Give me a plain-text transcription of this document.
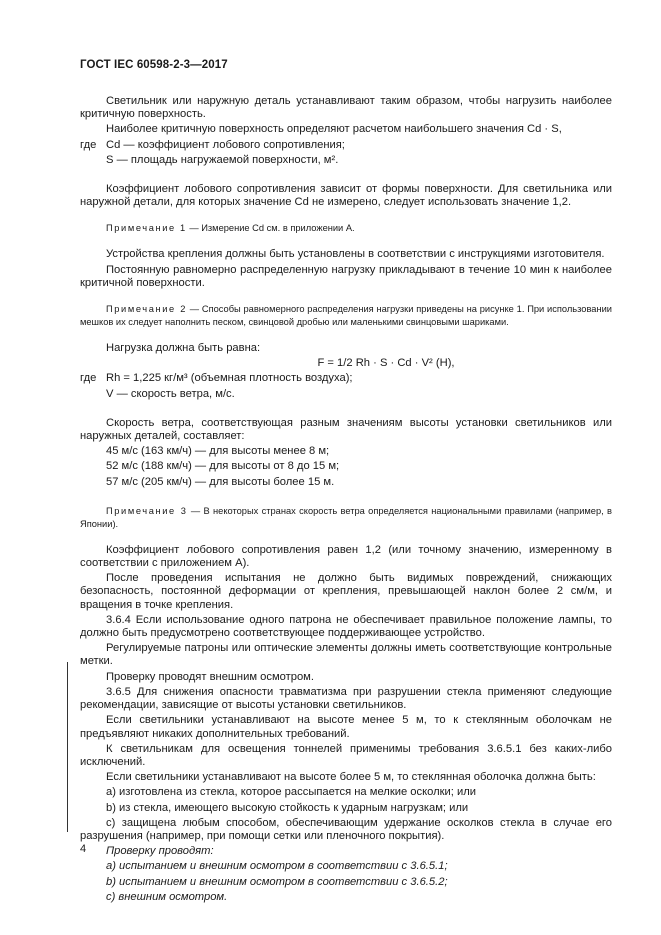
ГОСТ IEC 60598-2-3—2017

Светильник или наружную деталь устанавливают таким образом, чтобы нагрузить наиболее критичную поверхность.

Наиболее критичную поверхность определяют расчетом наибольшего значения Cd · S,

где Cd — коэффициент лобового сопротивления;

S — площадь нагружаемой поверхности, м².

Коэффициент лобового сопротивления зависит от формы поверхности. Для светильника или наружной детали, для которых значение Cd не измерено, следует использовать значение 1,2.

Примечание 1 — Измерение Cd см. в приложении А.

Устройства крепления должны быть установлены в соответствии с инструкциями изготовителя.

Постоянную равномерно распределенную нагрузку прикладывают в течение 10 мин к наиболее критичной поверхности.

Примечание 2 — Способы равномерного распределения нагрузки приведены на рисунке 1. При использовании мешков их следует наполнить песком, свинцовой дробью или маленькими свинцовыми шариками.

Нагрузка должна быть равна:

F = 1/2 Rh · S · Cd · V² (H),

где Rh = 1,225 кг/м³ (объемная плотность воздуха);

V — скорость ветра, м/с.

Скорость ветра, соответствующая разным значениям высоты установки светильников или наружных деталей, составляет:

45 м/с (163 км/ч) — для высоты менее 8 м;

52 м/с (188 км/ч) — для высоты от 8 до 15 м;

57 м/с (205 км/ч) — для высоты более 15 м.

Примечание 3 — В некоторых странах скорость ветра определяется национальными правилами (например, в Японии).

Коэффициент лобового сопротивления равен 1,2 (или точному значению, измеренному в соответствии с приложением А).

После проведения испытания не должно быть видимых повреждений, снижающих безопасность, постоянной деформации от крепления, превышающей наклон более 2 см/м, и вращения в точке крепления.

3.6.4 Если использование одного патрона не обеспечивает правильное положение лампы, то должно быть предусмотрено соответствующее поддерживающее устройство.

Регулируемые патроны или оптические элементы должны иметь соответствующие контрольные метки.

Проверку проводят внешним осмотром.

3.6.5 Для снижения опасности травматизма при разрушении стекла применяют следующие рекомендации, зависящие от высоты установки светильников.

Если светильники устанавливают на высоте менее 5 м, то к стеклянным оболочкам не предъявляют никаких дополнительных требований.

К светильникам для освещения тоннелей применимы требования 3.6.5.1 без каких-либо исключений.

Если светильники устанавливают на высоте более 5 м, то стеклянная оболочка должна быть:

a) изготовлена из стекла, которое рассыпается на мелкие осколки; или

b) из стекла, имеющего высокую стойкость к ударным нагрузкам; или

c) защищена любым способом, обеспечивающим удержание осколков стекла в случае его разрушения (например, при помощи сетки или пленочного покрытия).

Проверку проводят:

a) испытанием и внешним осмотром в соответствии с 3.6.5.1;

b) испытанием и внешним осмотром в соответствии с 3.6.5.2;

c) внешним осмотром.

4
